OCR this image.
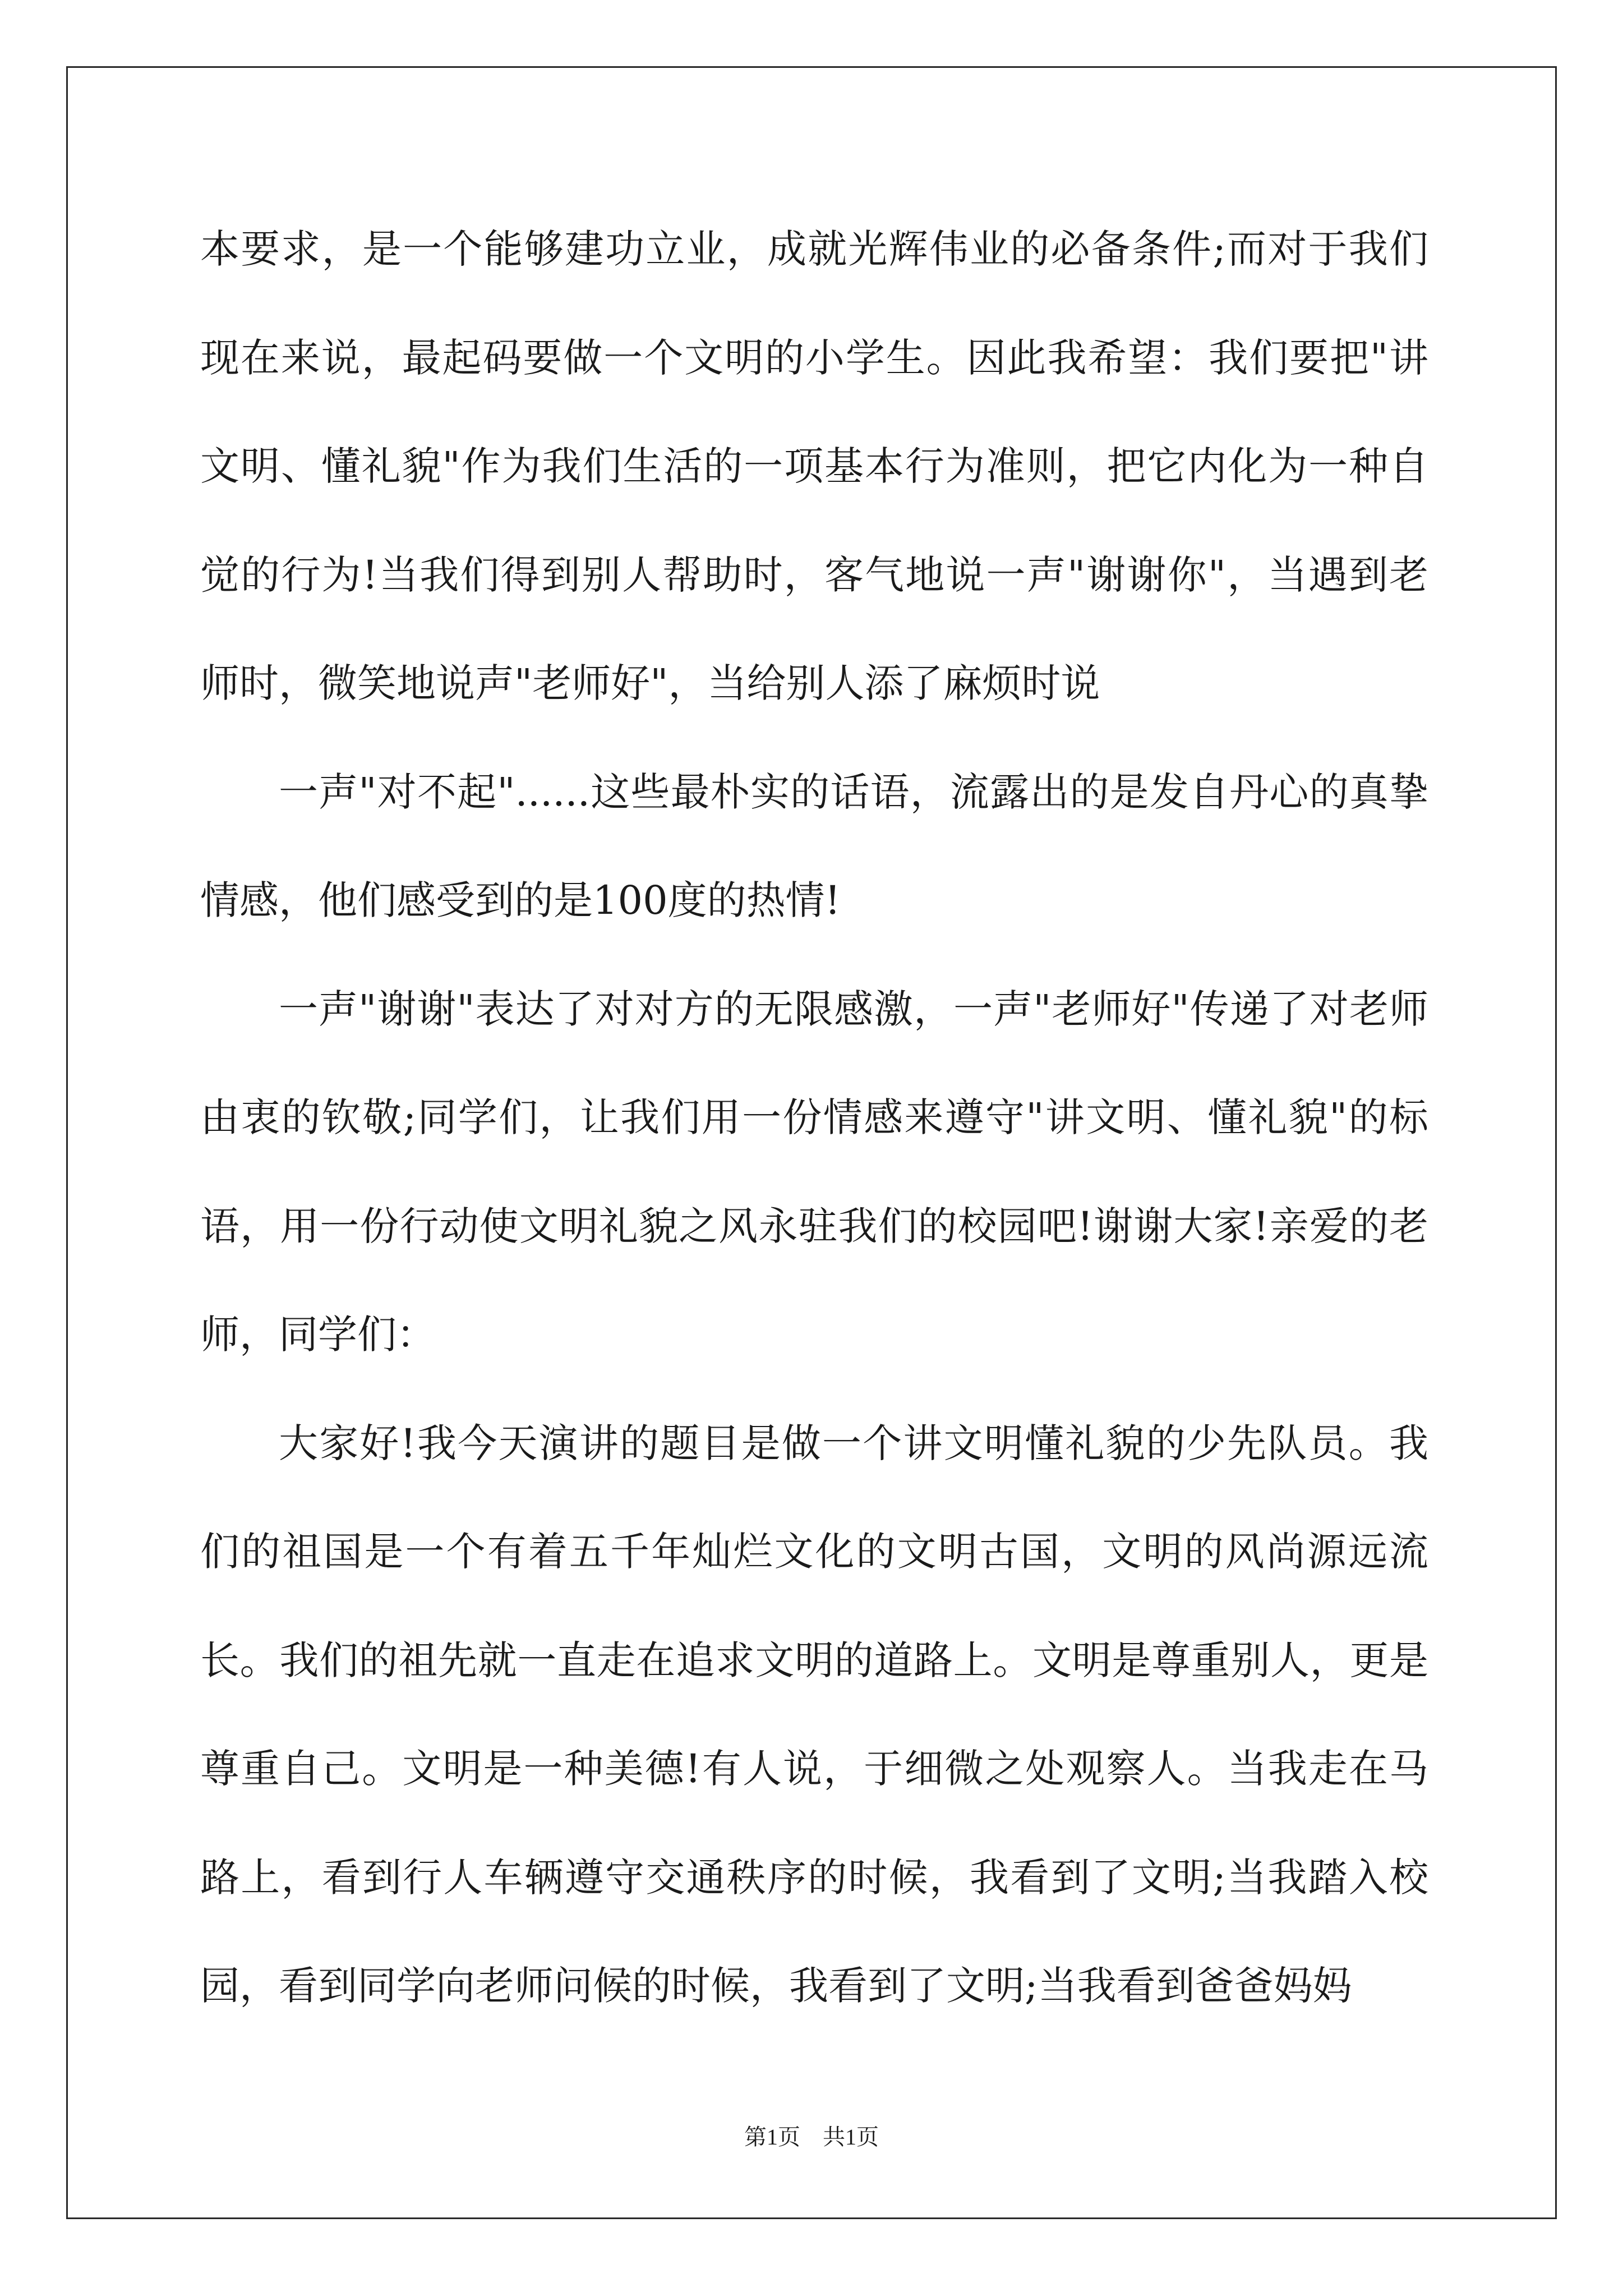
本要求，是一个能够建功立业，成就光辉伟业的必备条件;而对于我们现在来说，最起码要做一个文明的小学生。因此我希望：我们要把"讲文明、懂礼貌"作为我们生活的一项基本行为准则，把它内化为一种自觉的行为!当我们得到别人帮助时，客气地说一声"谢谢你"，当遇到老师时，微笑地说声"老师好"，当给别人添了麻烦时说

一声"对不起"......这些最朴实的话语，流露出的是发自丹心的真挚情感，他们感受到的是100度的热情!

一声"谢谢"表达了对对方的无限感激，一声"老师好"传递了对老师由衷的钦敬;同学们，让我们用一份情感来遵守"讲文明、懂礼貌"的标语，用一份行动使文明礼貌之风永驻我们的校园吧!谢谢大家!亲爱的老师，同学们：

大家好!我今天演讲的题目是做一个讲文明懂礼貌的少先队员。我们的祖国是一个有着五千年灿烂文化的文明古国，文明的风尚源远流长。我们的祖先就一直走在追求文明的道路上。文明是尊重别人，更是尊重自己。文明是一种美德!有人说，于细微之处观察人。当我走在马路上，看到行人车辆遵守交通秩序的时候，我看到了文明;当我踏入校园，看到同学向老师问候的时候，我看到了文明;当我看到爸爸妈妈

第1页　共1页
